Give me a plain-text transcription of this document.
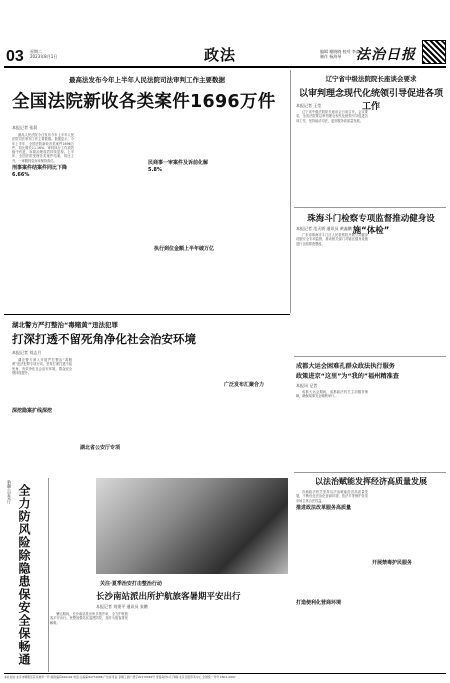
03 星期二
2023年8月1日	政法	编辑 谢晓晓 校对 李淼
制作 杨海琴	法治日报
最高法发布今年上半年人民法院司法审判工作主要数据
全国法院新收各类案件1696万件
本报记者 张晨

最高人民法院今日发布今年上半年人民法院司法审判工作主要数据。数据显示，今年上半年，全国法院新收各类案件1696万件，同比增长11.16%。审判执行工作质效稳中有进，诉源治理成效持续显现。上半年，全国法院受理各类案件结案，同比上升，一审服判息诉率保持高位。

刑事案件结案件同比下降6.66%
民商事一审案件及诉前化解5.8%
执行到位金额上半年破万亿
辽宁省中级法院院长座谈会要求
以审判理念现代化统领引导促进各项工作
本报记者 王莹

辽宁省中级法院院长座谈会日前召开。会议要求，全省法院要以审判理念现代化统领引导促进各项工作，坚持能动司法，更好服务高质量发展。

珠海斗门检察专项监督推动健身设施“体检”
本报记者 范天娇 通讯员 黄鑫鹏

广东省珠海市斗门区人民检察院开展公共健身设施安全专项监督，推动相关部门对辖区健身设施进行全面排查整改。

成都大运会困难孔群众政法执行服务
政策进京“这里”为“我的”福州精准查
本报讯 记者

成都大运会期间，成都政法机关主动服务保障，确保赛事安全顺利举行。

以法治赋能发挥经济高质量发展

各地政法机关坚持以法治赋能经济高质量发展，不断优化法治化营商环境，依法平等保护各类市场主体合法权益。

推进政法改革服务高质量
打造便利化营商环境
开展禁毒护民服务
湖北警方严打整治“毒赌黄”违法犯罪
打深打透不留死角净化社会治安环境
本报记者 刘志月

湖北警方深入开展严打整治“毒赌黄”违法犯罪专项行动，坚持打深打透不留死角，有效净化社会治安环境，群众安全感持续提升。

深挖隐案扩线深挖
湖北省公安厅专项
广泛发布汇聚合力
新疆公安党厅 全力防风险除隐患保安全保畅通	关注·夏季治安打击整治行动
长沙南站派出所护航旅客暑期平安出行
本报记者 刘建平 通讯员 张鹏

暑运期间，长沙南站派出所多措并举，全力护航旅客平安出行。民警加强站区巡逻防控，及时为旅客排忧解难。

本社社址:北京市朝阳区花家地甲一号 邮政编码100102 电话:总编室84772088 广告许可证:京朝工商广登字20170049号 零售每份1元 印刷:北京日报印务中心 全国统一刊号 CN11-0067
